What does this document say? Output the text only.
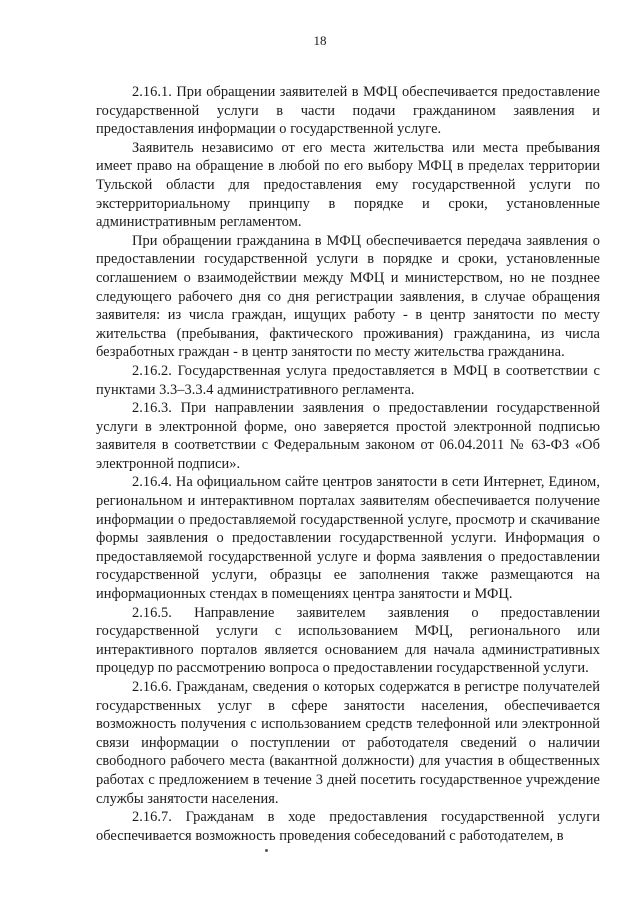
18

2.16.1. При обращении заявителей в МФЦ обеспечивается предоставление государственной услуги в части подачи гражданином заявления и предоставления информации о государственной услуге.

Заявитель независимо от его места жительства или места пребывания имеет право на обращение в любой по его выбору МФЦ в пределах территории Тульской области для предоставления ему государственной услуги по экстерриториальному принципу в порядке и сроки, установленные административным регламентом.

При обращении гражданина в МФЦ обеспечивается передача заявления о предоставлении государственной услуги в порядке и сроки, установленные соглашением о взаимодействии между МФЦ и министерством, но не позднее следующего рабочего дня со дня регистрации заявления, в случае обращения заявителя: из числа граждан, ищущих работу - в центр занятости по месту жительства (пребывания, фактического проживания) гражданина, из числа безработных граждан - в центр занятости по месту жительства гражданина.

2.16.2. Государственная услуга предоставляется в МФЦ в соответствии с пунктами 3.3–3.3.4 административного регламента.

2.16.3. При направлении заявления о предоставлении государственной услуги в электронной форме, оно заверяется простой электронной подписью заявителя в соответствии с Федеральным законом от 06.04.2011 № 63-ФЗ «Об электронной подписи».

2.16.4. На официальном сайте центров занятости в сети Интернет, Едином, региональном и интерактивном порталах заявителям обеспечивается получение информации о предоставляемой государственной услуге, просмотр и скачивание формы заявления о предоставлении государственной услуги. Информация о предоставляемой государственной услуге и форма заявления о предоставлении государственной услуги, образцы ее заполнения также размещаются на информационных стендах в помещениях центра занятости и МФЦ.

2.16.5. Направление заявителем заявления о предоставлении государственной услуги с использованием МФЦ, регионального или интерактивного порталов является основанием для начала административных процедур по рассмотрению вопроса о предоставлении государственной услуги.

2.16.6. Гражданам, сведения о которых содержатся в регистре получателей государственных услуг в сфере занятости населения, обеспечивается возможность получения с использованием средств телефонной или электронной связи информации о поступлении от работодателя сведений о наличии свободного рабочего места (вакантной должности) для участия в общественных работах с предложением в течение 3 дней посетить государственное учреждение службы занятости населения.

2.16.7. Гражданам в ходе предоставления государственной услуги обеспечивается возможность проведения собеседований с работодателем, в
